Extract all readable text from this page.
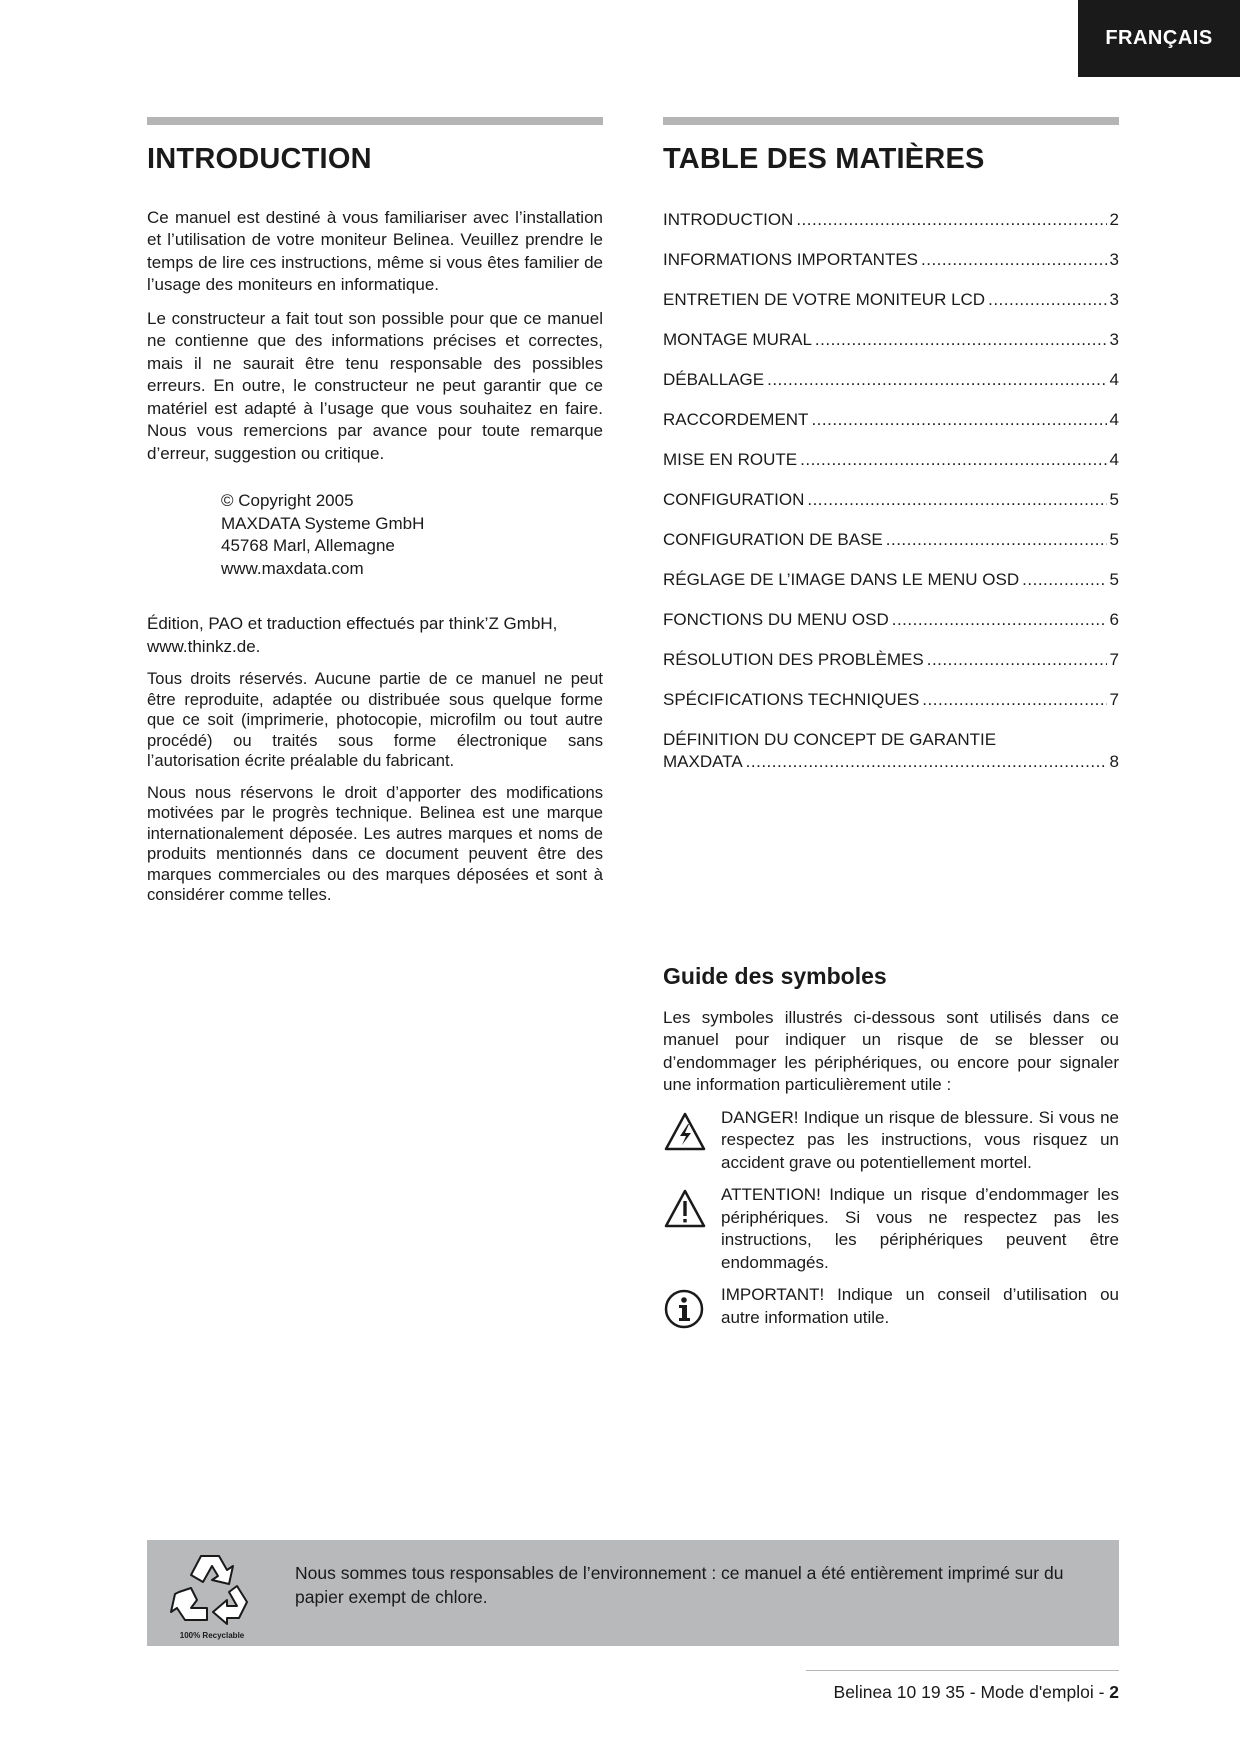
FRANÇAIS
INTRODUCTION

Ce manuel est destiné à vous familiariser avec l’installation et l’utilisation de votre moniteur Belinea. Veuillez prendre le temps de lire ces instructions, même si vous êtes familier de l’usage des moniteurs en informatique.

Le constructeur a fait tout son possible pour que ce manuel ne contienne que des informations précises et correctes, mais il ne saurait être tenu responsable des possibles erreurs. En outre, le constructeur ne peut garantir que ce matériel est adapté à l’usage que vous souhaitez en faire. Nous vous remercions par avance pour toute remarque d’erreur, suggestion ou critique.

© Copyright 2005
MAXDATA Systeme GmbH
45768 Marl, Allemagne
www.maxdata.com

Édition, PAO et traduction effectués par think’Z GmbH, www.thinkz.de.

Tous droits réservés. Aucune partie de ce manuel ne peut être reproduite, adaptée ou distribuée sous quelque forme que ce soit (imprimerie, photocopie, microfilm ou tout autre procédé) ou traités sous forme électronique sans l’autorisation écrite préalable du fabricant.

Nous nous réservons le droit d’apporter des modifications motivées par le progrès technique. Belinea est une marque internationalement déposée. Les autres marques et noms de produits mentionnés dans ce document peuvent être des marques commerciales ou des marques déposées et sont à considérer comme telles.

TABLE DES MATIÈRES
INTRODUCTION .....	2
INFORMATIONS IMPORTANTES .....	3
ENTRETIEN DE VOTRE MONITEUR LCD .....	3
MONTAGE MURAL .....	3
DÉBALLAGE .....	4
RACCORDEMENT .....	4
MISE EN ROUTE .....	4
CONFIGURATION .....	5
CONFIGURATION DE BASE .....	5
RÉGLAGE DE L’IMAGE DANS LE MENU OSD .....	5
FONCTIONS DU MENU OSD .....	6
RÉSOLUTION DES PROBLÈMES .....	7
SPÉCIFICATIONS TECHNIQUES .....	7
DÉFINITION DU CONCEPT DE GARANTIE
MAXDATA .....	8
Guide des symboles

Les symboles illustrés ci-dessous sont utilisés dans ce manuel pour indiquer un risque de se blesser ou d’endommager les périphériques, ou encore pour signaler une information particulièrement utile :

DANGER! Indique un risque de blessure. Si vous ne respectez pas les instructions, vous risquez un accident grave ou potentiellement mortel.
ATTENTION! Indique un risque d’endommager les périphériques. Si vous ne respectez pas les instructions, les périphériques peuvent être endommagés.
IMPORTANT! Indique un conseil d’utilisation ou autre information utile.
100% Recyclable
Nous sommes tous responsables de l’environnement : ce manuel a été entièrement imprimé sur du papier exempt de chlore.
Belinea 10 19 35 - Mode d'emploi - 2
